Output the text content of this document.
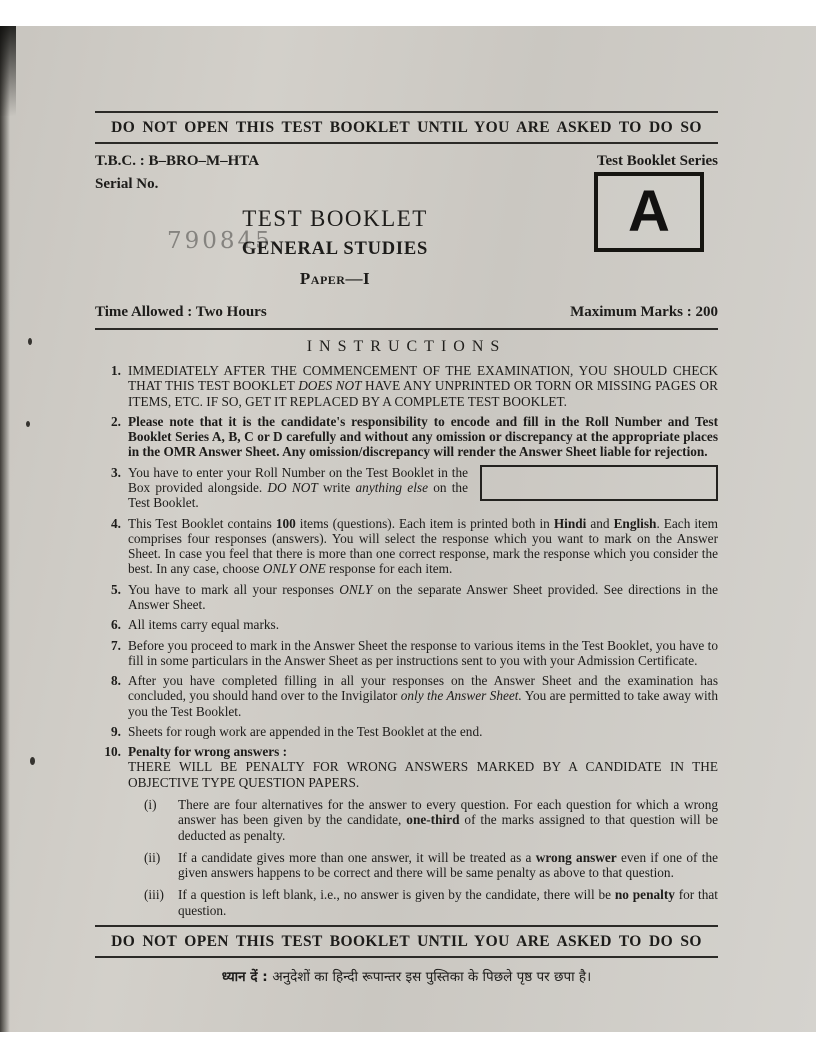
DO NOT OPEN THIS TEST BOOKLET UNTIL YOU ARE ASKED TO DO SO
T.B.C. : B–BRO–M–HTA	Test Booklet Series
Serial No.
790845
TEST BOOKLET
GENERAL STUDIES
Paper—I
A
Time Allowed : Two Hours	Maximum Marks : 200
INSTRUCTIONS
1. IMMEDIATELY AFTER THE COMMENCEMENT OF THE EXAMINATION, YOU SHOULD CHECK THAT THIS TEST BOOKLET DOES NOT HAVE ANY UNPRINTED OR TORN OR MISSING PAGES OR ITEMS, ETC. IF SO, GET IT REPLACED BY A COMPLETE TEST BOOKLET.
2. Please note that it is the candidate's responsibility to encode and fill in the Roll Number and Test Booklet Series A, B, C or D carefully and without any omission or discrepancy at the appropriate places in the OMR Answer Sheet. Any omission/discrepancy will render the Answer Sheet liable for rejection.
3. You have to enter your Roll Number on the Test Booklet in the Box provided alongside. DO NOT write anything else on the Test Booklet.
4. This Test Booklet contains 100 items (questions). Each item is printed both in Hindi and English. Each item comprises four responses (answers). You will select the response which you want to mark on the Answer Sheet. In case you feel that there is more than one correct response, mark the response which you consider the best. In any case, choose ONLY ONE response for each item.
5. You have to mark all your responses ONLY on the separate Answer Sheet provided. See directions in the Answer Sheet.
6. All items carry equal marks.
7. Before you proceed to mark in the Answer Sheet the response to various items in the Test Booklet, you have to fill in some particulars in the Answer Sheet as per instructions sent to you with your Admission Certificate.
8. After you have completed filling in all your responses on the Answer Sheet and the examination has concluded, you should hand over to the Invigilator only the Answer Sheet. You are permitted to take away with you the Test Booklet.
9. Sheets for rough work are appended in the Test Booklet at the end.
10. Penalty for wrong answers :
THERE WILL BE PENALTY FOR WRONG ANSWERS MARKED BY A CANDIDATE IN THE OBJECTIVE TYPE QUESTION PAPERS.
(i)	There are four alternatives for the answer to every question. For each question for which a wrong answer has been given by the candidate, one-third of the marks assigned to that question will be deducted as penalty.
(ii)	If a candidate gives more than one answer, it will be treated as a wrong answer even if one of the given answers happens to be correct and there will be same penalty as above to that question.
(iii)	If a question is left blank, i.e., no answer is given by the candidate, there will be no penalty for that question.
DO NOT OPEN THIS TEST BOOKLET UNTIL YOU ARE ASKED TO DO SO
ध्यान दें : अनुदेशों का हिन्दी रूपान्तर इस पुस्तिका के पिछले पृष्ठ पर छपा है।
